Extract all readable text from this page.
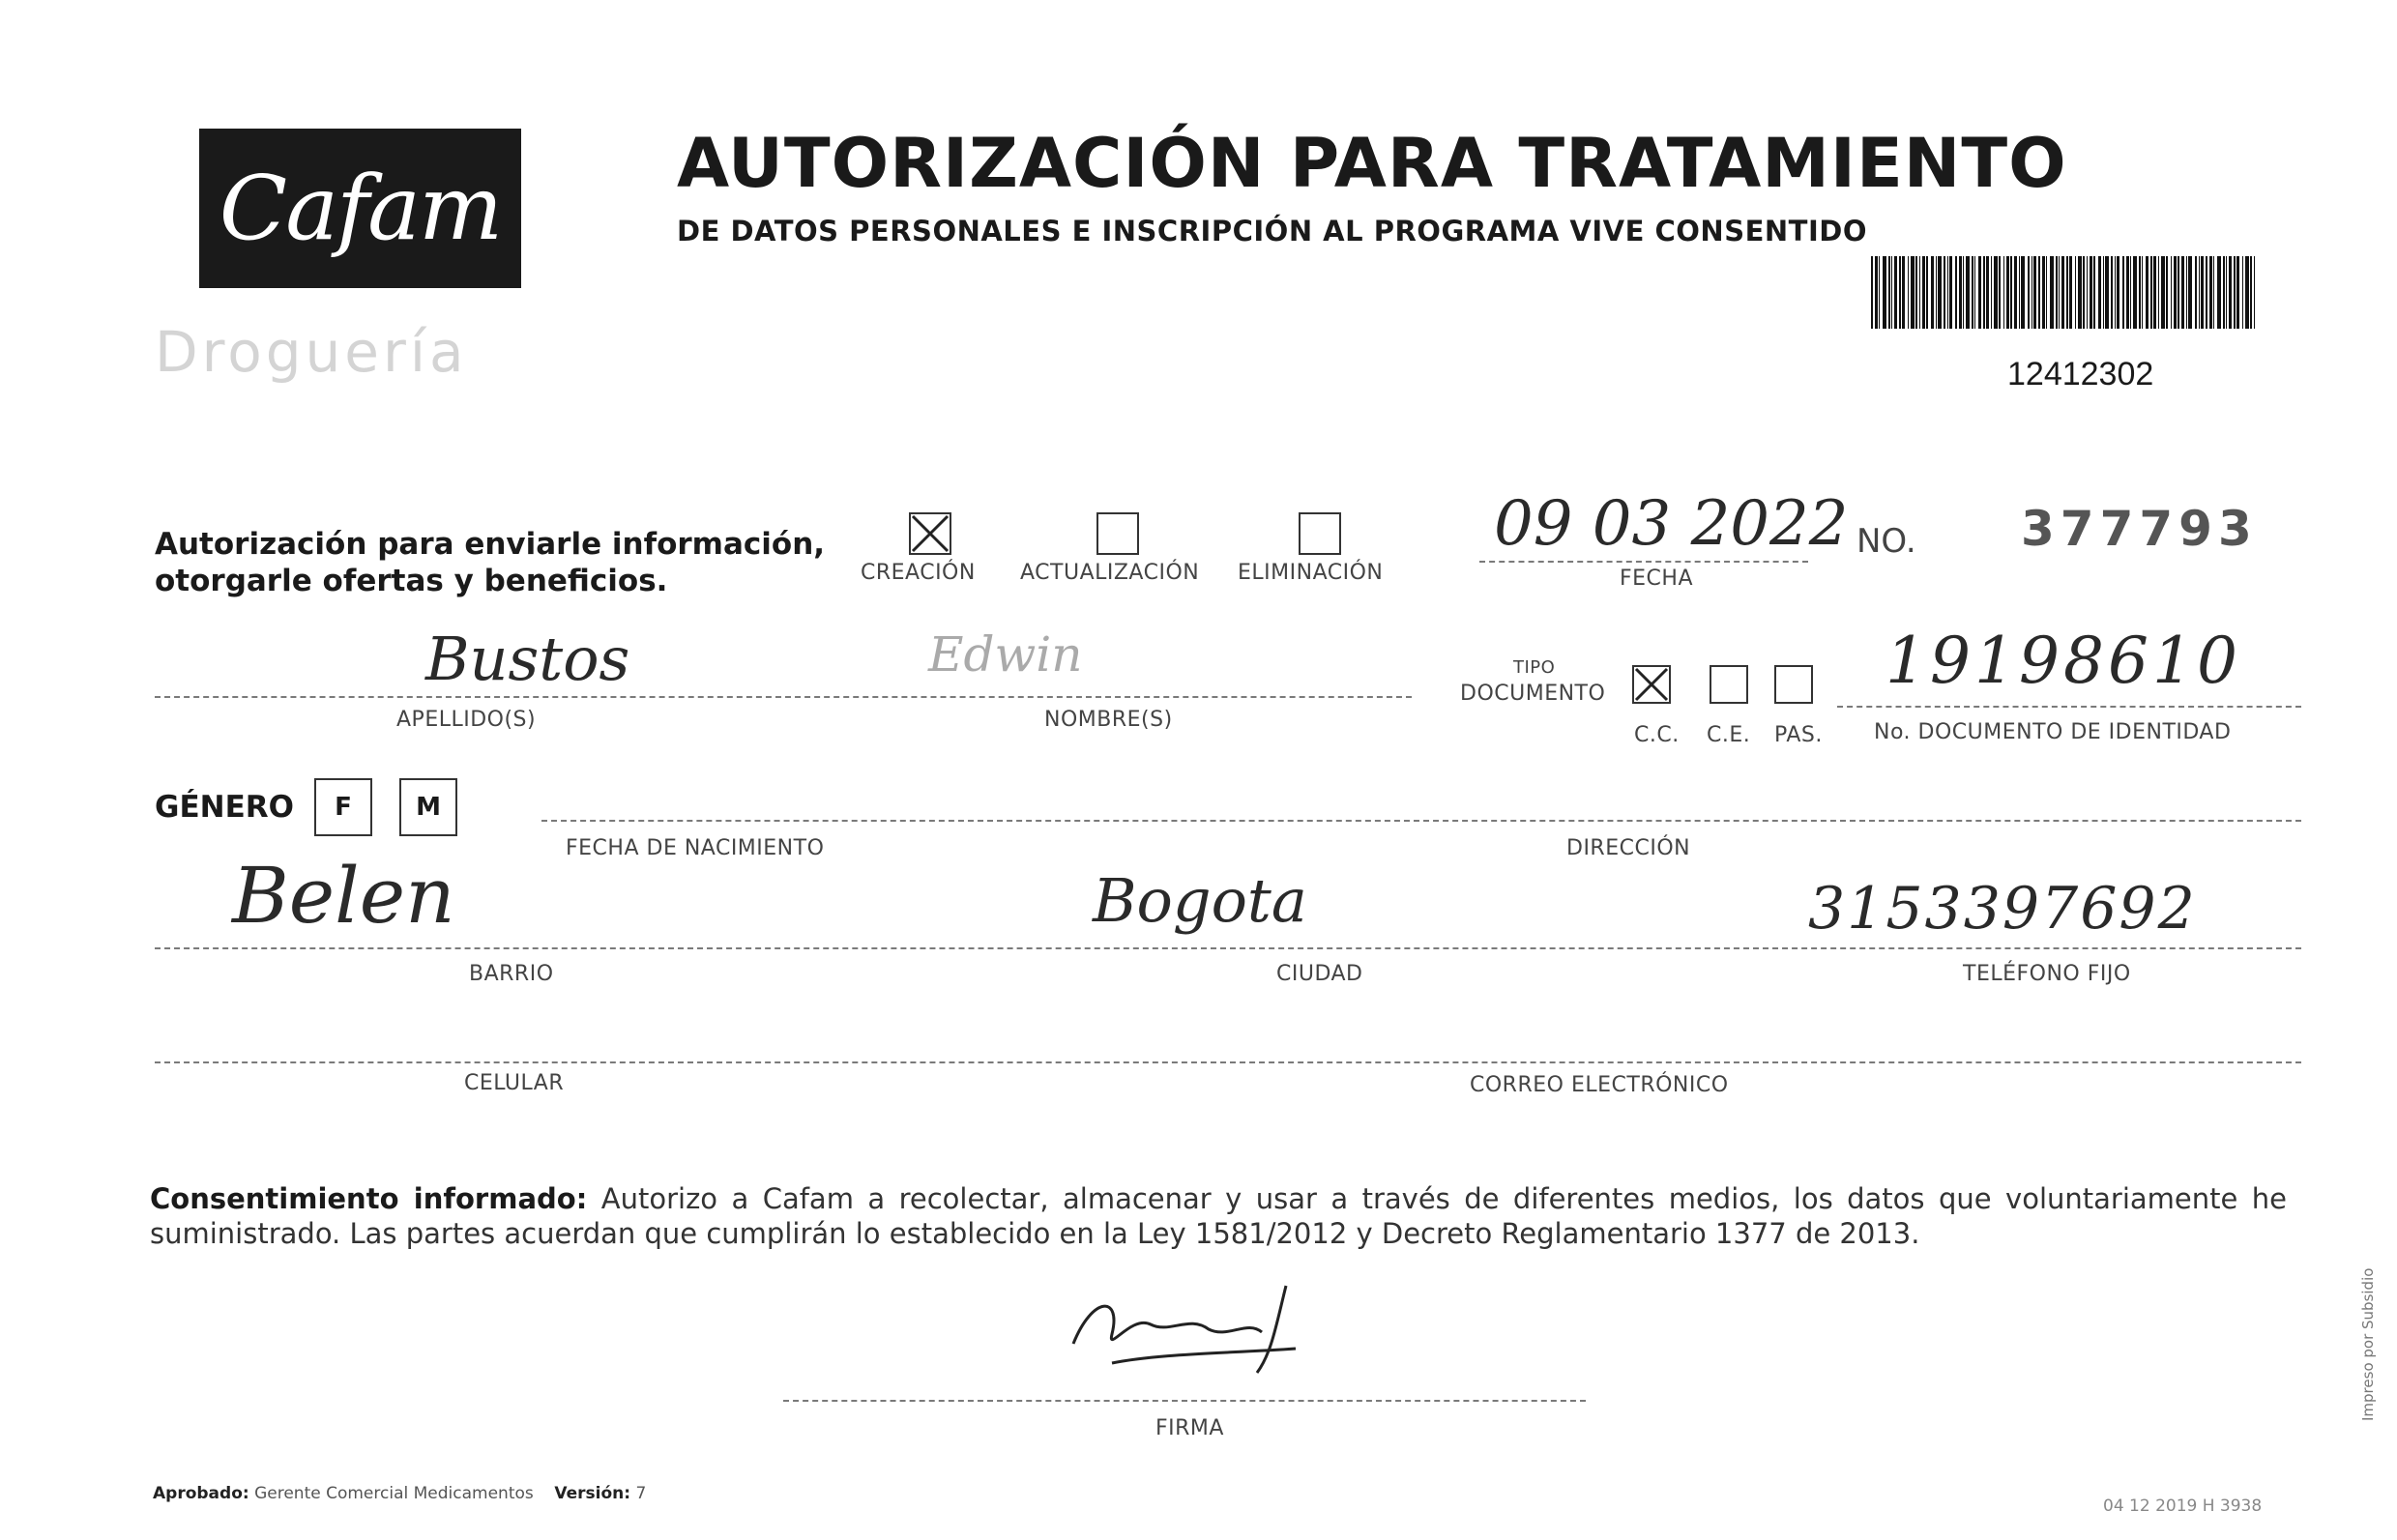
Cafam
Droguería
AUTORIZACIÓN PARA TRATAMIENTO
DE DATOS PERSONALES E INSCRIPCIÓN AL PROGRAMA VIVE CONSENTIDO
12412302
Autorización para enviarle información,
otorgarle ofertas y beneficios.	CREACIÓN ACTUALIZACIÓN ELIMINACIÓN
09 03 2022
FECHA
NO. 377793
Bustos	Edwin
APELLIDO(S)	NOMBRE(S)
TIPO
DOCUMENTO
C.C. C.E. PAS.
19198610
No. DOCUMENTO DE IDENTIDAD
GÉNERO	F	M
FECHA DE NACIMIENTO	DIRECCIÓN
Belen	Bogota	3153397692
BARRIO	CIUDAD	TELÉFONO FIJO
CELULAR	CORREO ELECTRÓNICO
Consentimiento informado: Autorizo a Cafam a recolectar, almacenar y usar a través de diferentes medios, los datos que voluntariamente he suministrado. Las partes acuerdan que cumplirán lo establecido en la Ley 1581/2012 y Decreto Reglamentario 1377 de 2013.
FIRMA
Aprobado: Gerente Comercial Medicamentos Versión: 7
04 12 2019 H 3938
Impreso por Subsidio
